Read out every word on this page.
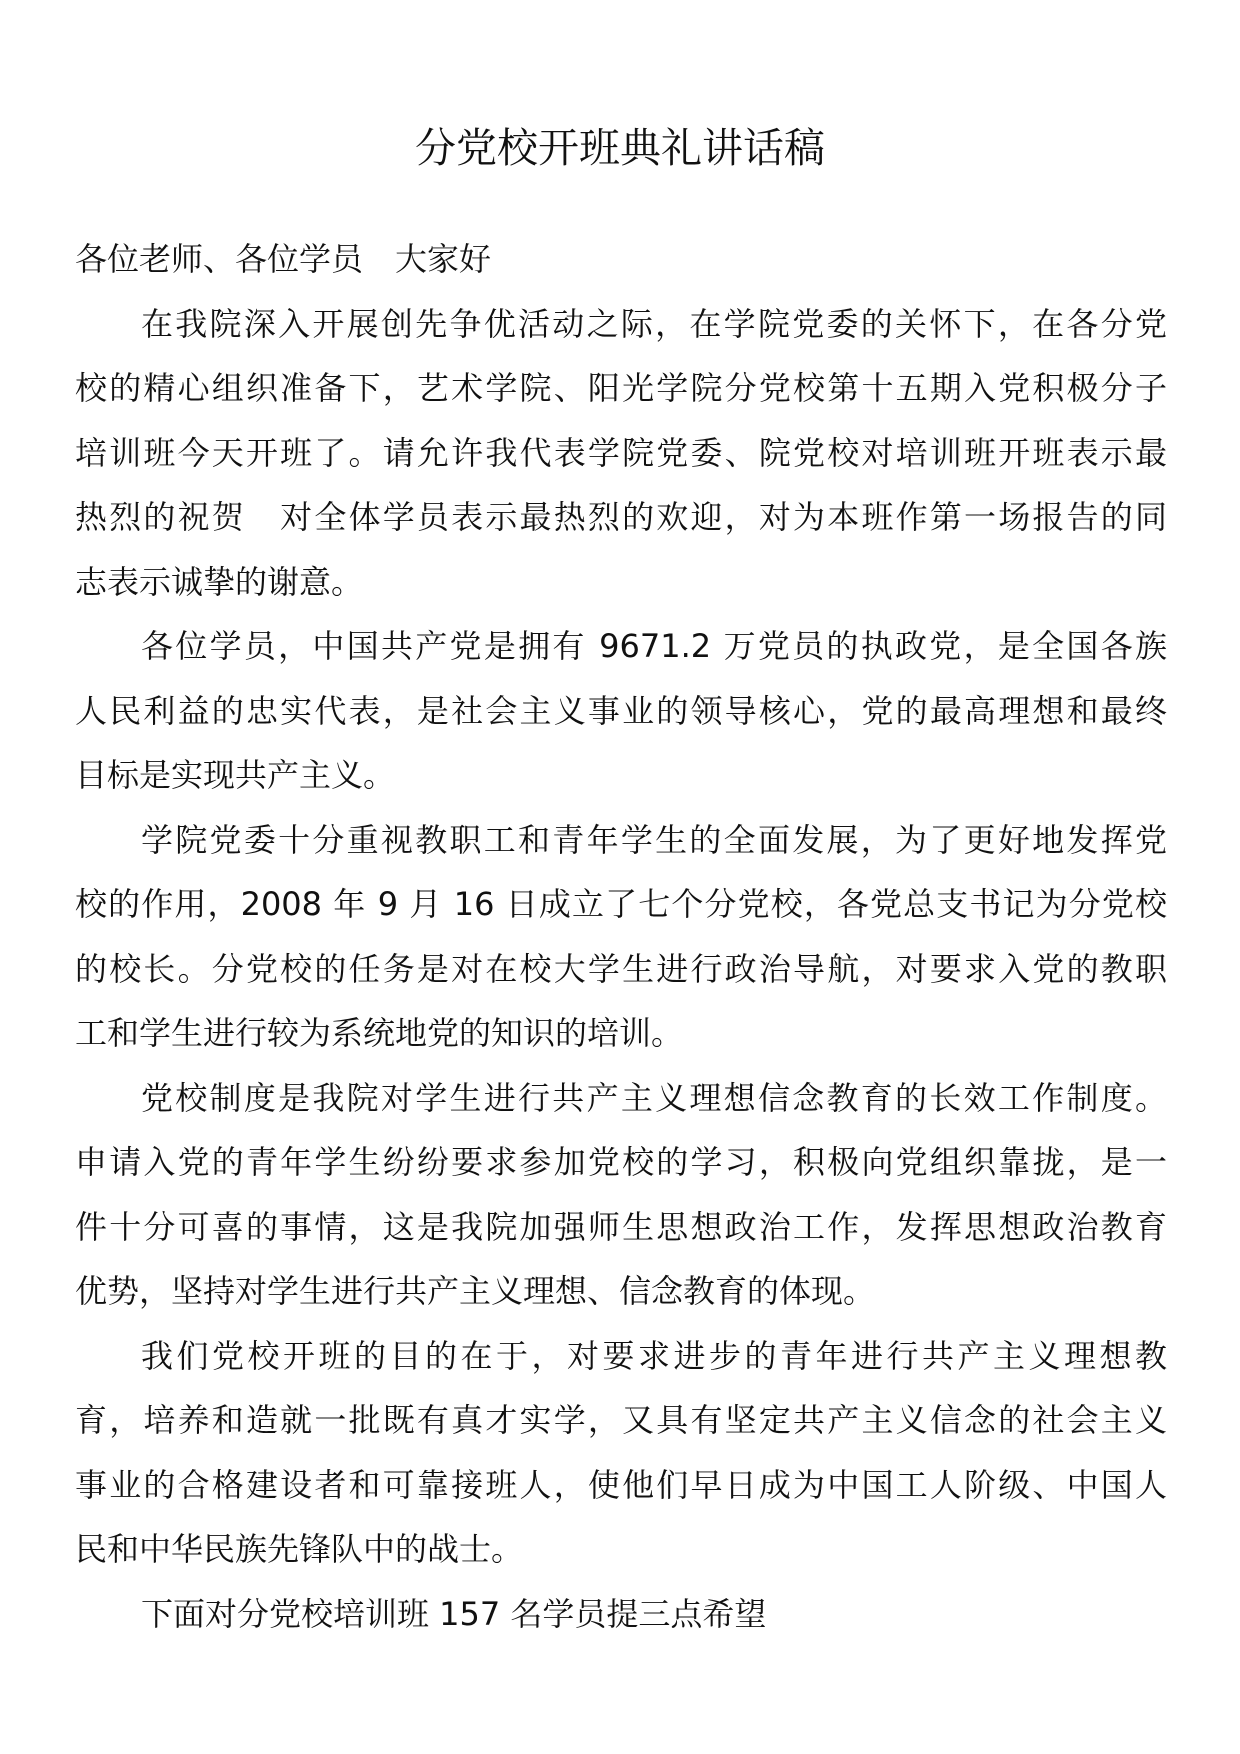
分党校开班典礼讲话稿
各位老师、各位学员　大家好
在我院深入开展创先争优活动之际，在学院党委的关怀下，在各分党
校的精心组织准备下，艺术学院、阳光学院分党校第十五期入党积极分子
培训班今天开班了。请允许我代表学院党委、院党校对培训班开班表示最
热烈的祝贺　对全体学员表示最热烈的欢迎，对为本班作第一场报告的同
志表示诚挚的谢意。
各位学员，中国共产党是拥有 9671.2 万党员的执政党，是全国各族
人民利益的忠实代表，是社会主义事业的领导核心，党的最高理想和最终
目标是实现共产主义。
学院党委十分重视教职工和青年学生的全面发展，为了更好地发挥党
校的作用，2008 年 9 月 16 日成立了七个分党校，各党总支书记为分党校
的校长。分党校的任务是对在校大学生进行政治导航，对要求入党的教职
工和学生进行较为系统地党的知识的培训。
党校制度是我院对学生进行共产主义理想信念教育的长效工作制度。
申请入党的青年学生纷纷要求参加党校的学习，积极向党组织靠拢，是一
件十分可喜的事情，这是我院加强师生思想政治工作，发挥思想政治教育
优势，坚持对学生进行共产主义理想、信念教育的体现。
我们党校开班的目的在于，对要求进步的青年进行共产主义理想教
育，培养和造就一批既有真才实学，又具有坚定共产主义信念的社会主义
事业的合格建设者和可靠接班人，使他们早日成为中国工人阶级、中国人
民和中华民族先锋队中的战士。
下面对分党校培训班 157 名学员提三点希望
